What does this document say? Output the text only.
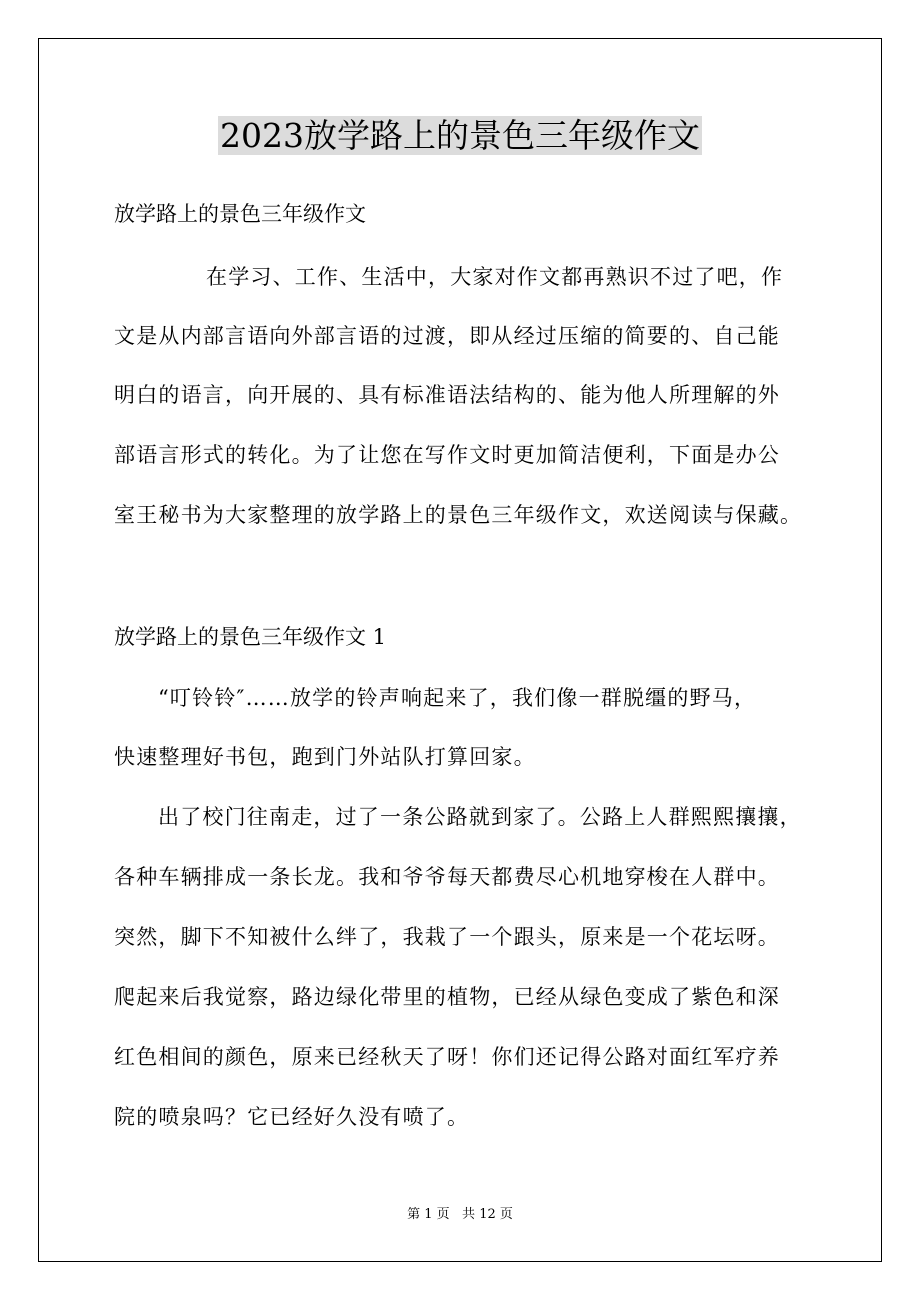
2023放学路上的景色三年级作文
放学路上的景色三年级作文
在学习、工作、生活中，大家对作文都再熟识不过了吧，作
文是从内部言语向外部言语的过渡，即从经过压缩的简要的、自己能
明白的语言，向开展的、具有标准语法结构的、能为他人所理解的外
部语言形式的转化。为了让您在写作文时更加简洁便利，下面是办公
室王秘书为大家整理的放学路上的景色三年级作文，欢送阅读与保藏。
放学路上的景色三年级作文 1
“叮铃铃″……放学的铃声响起来了，我们像一群脱缰的野马，
快速整理好书包，跑到门外站队打算回家。
出了校门往南走，过了一条公路就到家了。公路上人群熙熙攘攘，
各种车辆排成一条长龙。我和爷爷每天都费尽心机地穿梭在人群中。
突然，脚下不知被什么绊了，我栽了一个跟头，原来是一个花坛呀。
爬起来后我觉察，路边绿化带里的植物，已经从绿色变成了紫色和深
红色相间的颜色，原来已经秋天了呀！你们还记得公路对面红军疗养
院的喷泉吗？它已经好久没有喷了。
第 1 页   共 12 页
